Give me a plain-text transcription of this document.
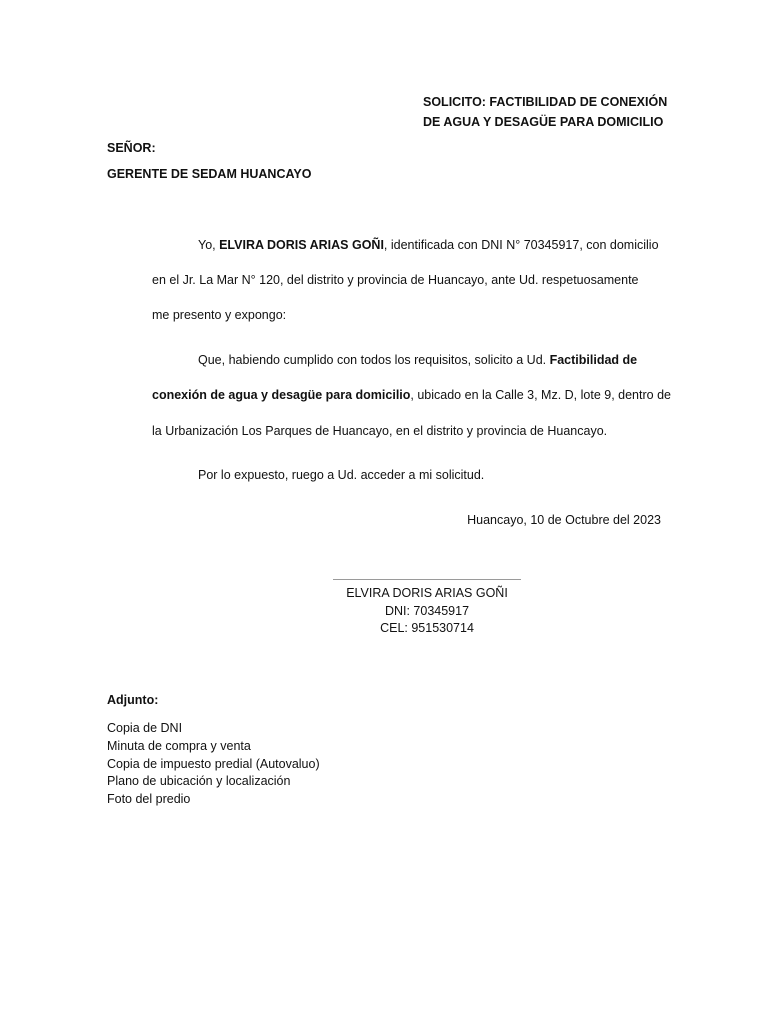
SOLICITO: FACTIBILIDAD DE CONEXIÓN
DE AGUA Y DESAGÜE PARA DOMICILIO
SEÑOR:
GERENTE DE SEDAM HUANCAYO
Yo, ELVIRA DORIS ARIAS GOÑI, identificada con DNI N° 70345917, con domicilio
en el Jr. La Mar N° 120, del distrito y provincia de Huancayo, ante Ud. respetuosamente
me presento y expongo:
Que, habiendo cumplido con todos los requisitos, solicito a Ud. Factibilidad de
conexión de agua y desagüe para domicilio, ubicado en la Calle 3, Mz. D, lote 9, dentro de
la Urbanización Los Parques de Huancayo, en el distrito y provincia de Huancayo.
Por lo expuesto, ruego a Ud. acceder a mi solicitud.
Huancayo, 10 de Octubre del 2023
ELVIRA DORIS ARIAS GOÑI
DNI: 70345917
CEL: 951530714
Adjunto:
Copia de DNI
Minuta de compra y venta
Copia de impuesto predial (Autovaluo)
Plano de ubicación y localización
Foto del predio
